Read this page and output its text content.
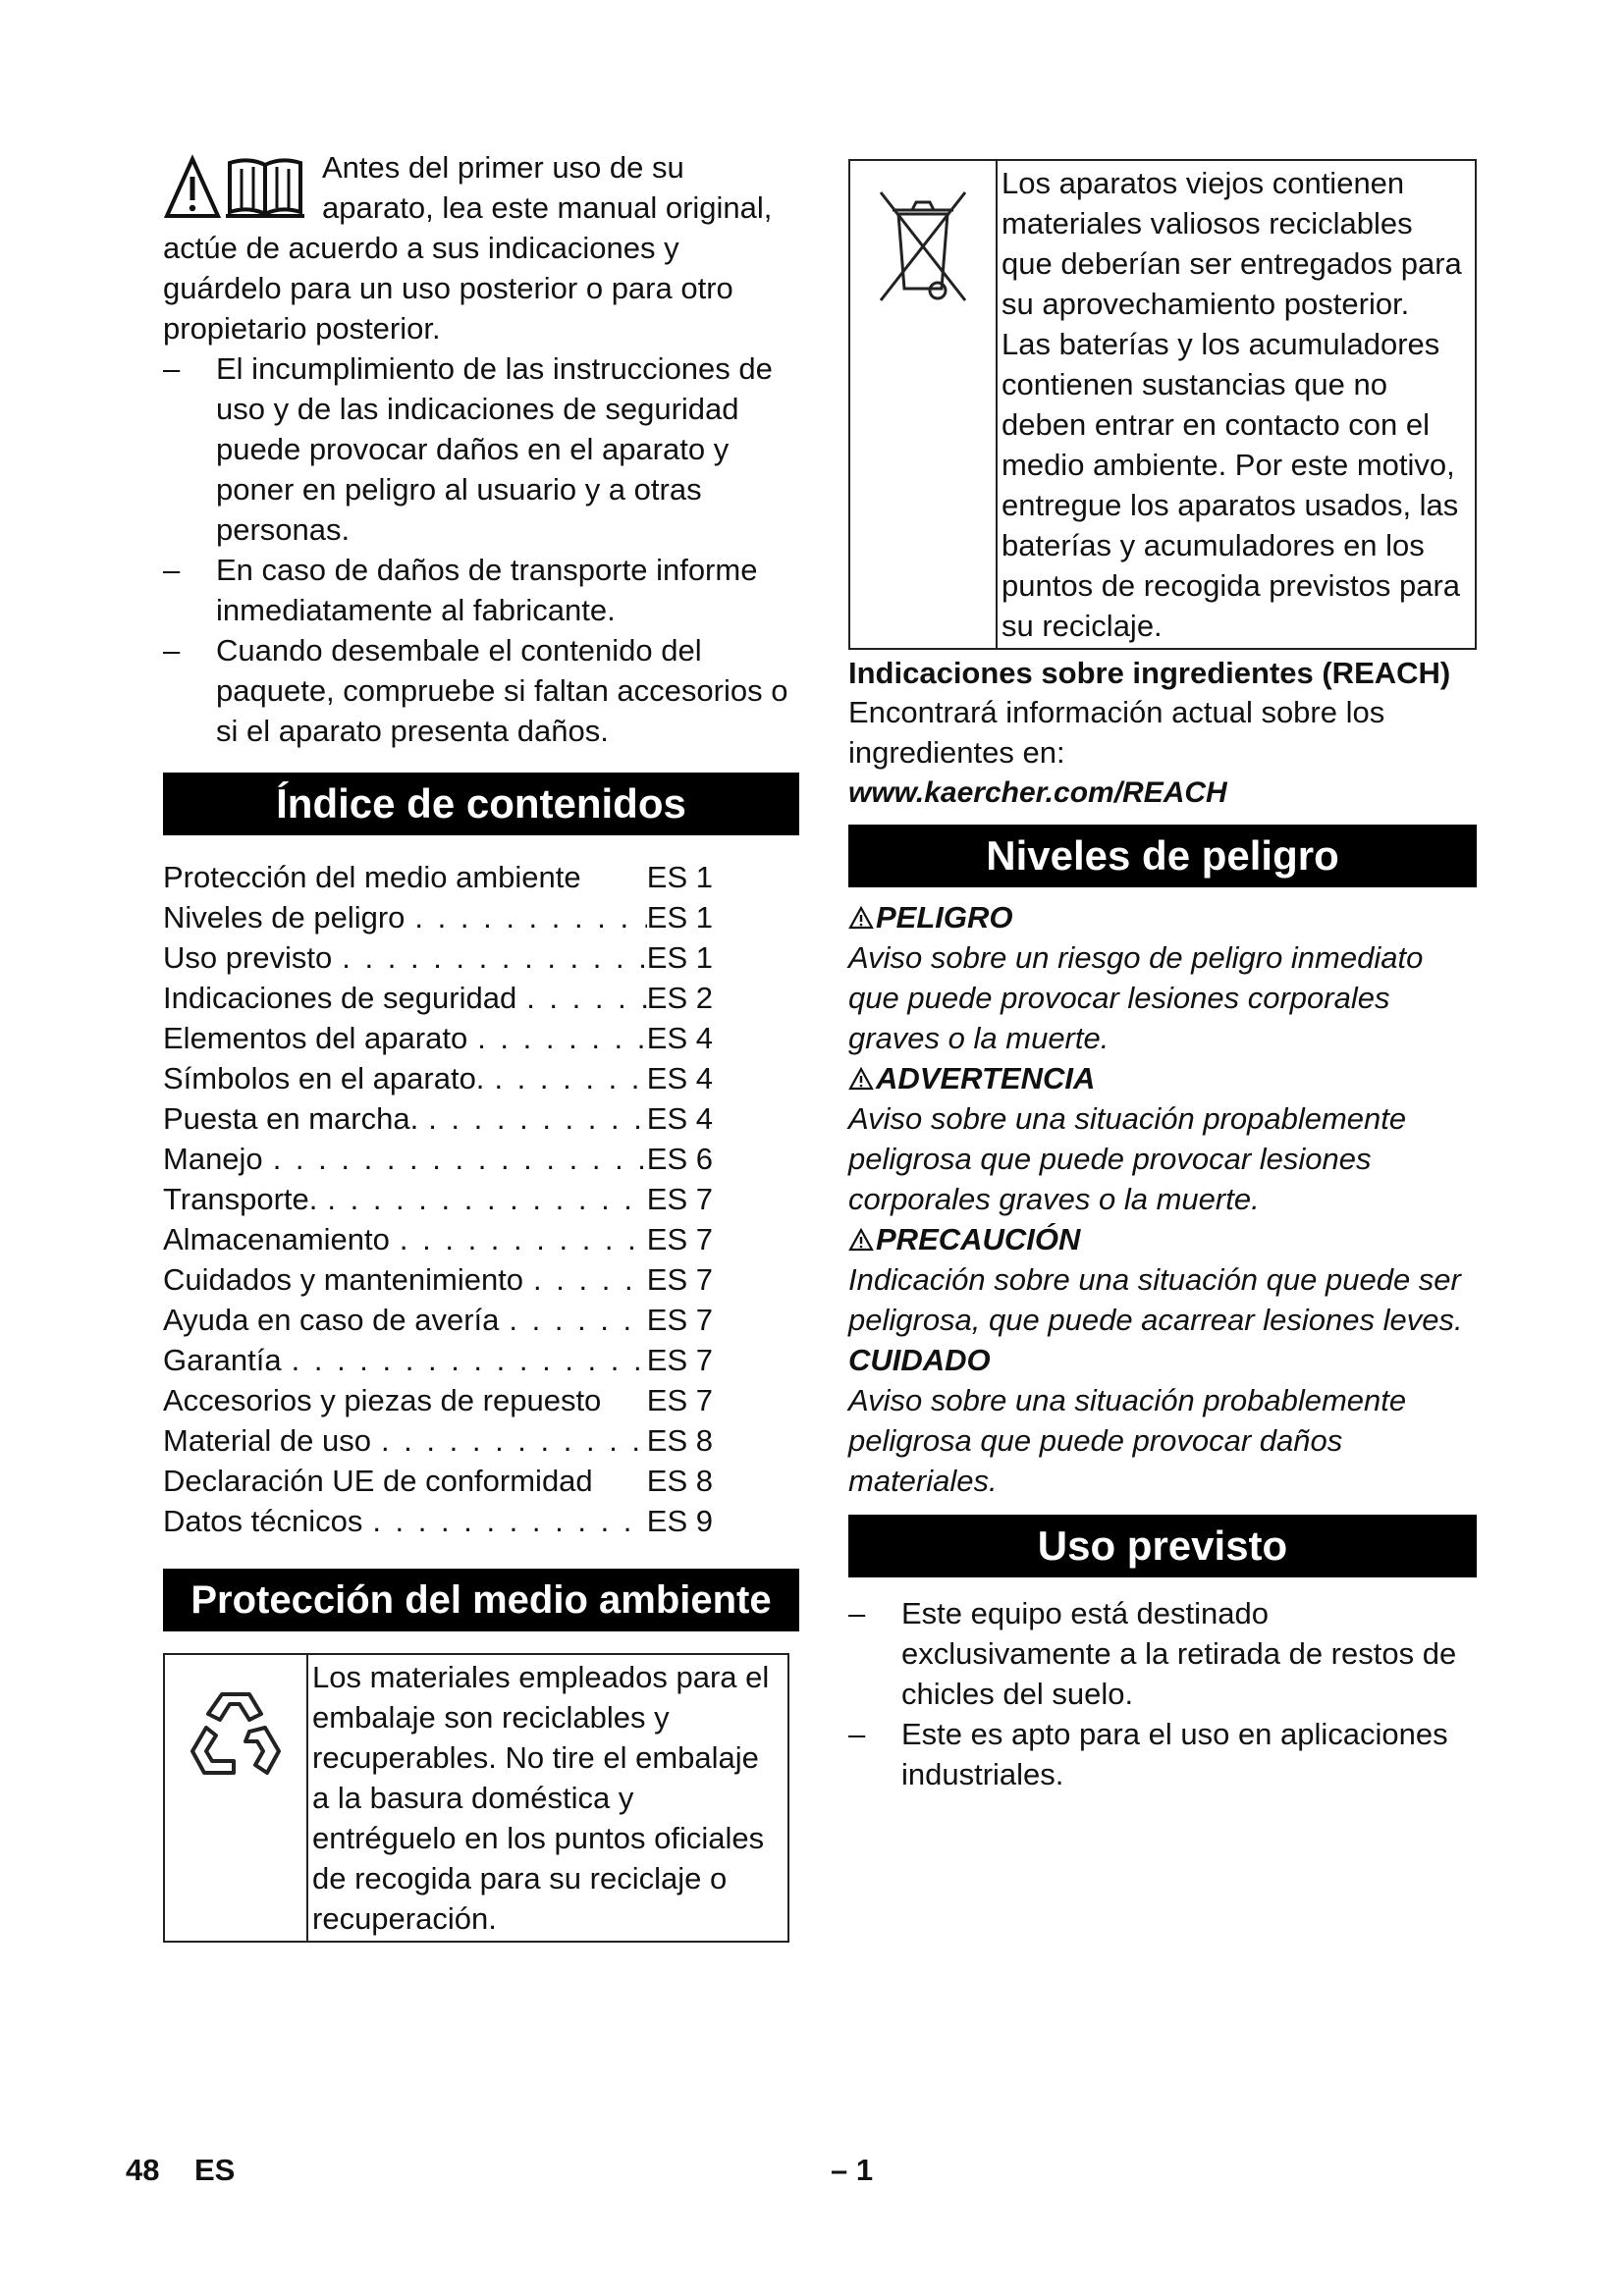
Antes del primer uso de su aparato, lea este manual original, actúe de acuerdo a sus indicaciones y guárdelo para un uso posterior o para otro propietario posterior.

– El incumplimiento de las instrucciones de uso y de las indicaciones de seguridad puede provocar daños en el aparato y poner en peligro al usuario y a otras personas.
– En caso de daños de transporte informe inmediatamente al fabricante.
– Cuando desembale el contenido del paquete, compruebe si faltan accesorios o si el aparato presenta daños.
Índice de contenidos
Protección del medio ambiente ES 1
Niveles de peligro . . .	ES 1
Uso previsto . . .	ES 1
Indicaciones de seguridad . . .	ES 2
Elementos del aparato . . .	ES 4
Símbolos en el aparato. . . .	ES 4
Puesta en marcha. . . .	ES 4
Manejo . . .	ES 6
Transporte. . . .	ES 7
Almacenamiento . . .	ES 7
Cuidados y mantenimiento . . .	ES 7
Ayuda en caso de avería . . .	ES 7
Garantía . . .	ES 7
Accesorios y piezas de repuesto ES 7
Material de uso . . .	ES 8
Declaración UE de conformidad ES 8
Datos técnicos . . .	ES 9
Protección del medio ambiente
Los materiales empleados para el embalaje son reciclables y recuperables. No tire el embalaje a la basura doméstica y entréguelo en los puntos oficiales de recogida para su reciclaje o recuperación.
Los aparatos viejos contienen materiales valiosos reciclables que deberían ser entregados para su aprovechamiento posterior. Las baterías y los acumuladores contienen sustancias que no deben entrar en contacto con el medio ambiente. Por este motivo, entregue los aparatos usados, las baterías y acumuladores en los puntos de recogida previstos para su reciclaje.

Indicaciones sobre ingredientes (REACH)

Encontrará información actual sobre los ingredientes en:

www.kaercher.com/REACH
Niveles de peligro
PELIGRO

Aviso sobre un riesgo de peligro inmediato que puede provocar lesiones corporales graves o la muerte.

ADVERTENCIA

Aviso sobre una situación propablemente peligrosa que puede provocar lesiones corporales graves o la muerte.

PRECAUCIÓN

Indicación sobre una situación que puede ser peligrosa, que puede acarrear lesiones leves.

CUIDADO

Aviso sobre una situación probablemente peligrosa que puede provocar daños materiales.

Uso previsto
– Este equipo está destinado exclusivamente a la retirada de restos de chicles del suelo.
– Este es apto para el uso en aplicaciones industriales.
48 ES	– 1
